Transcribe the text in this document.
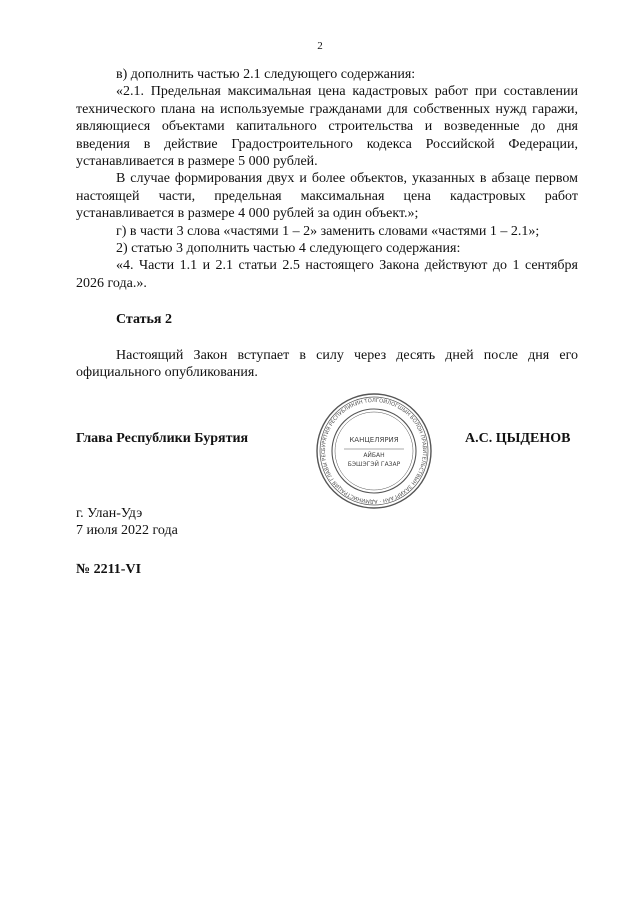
2

в) дополнить частью 2.1 следующего содержания:

«2.1. Предельная максимальная цена кадастровых работ при составлении технического плана на используемые гражданами для собственных нужд гаражи, являющиеся объектами капитального строительства и возведенные до дня введения в действие Градостроительного кодекса Российской Федерации, устанавливается в размере 5 000 рублей.

В случае формирования двух и более объектов, указанных в абзаце первом настоящей части, предельная максимальная цена кадастровых работ устанавливается в размере 4 000 рублей за один объект.»;

г) в части 3 слова «частями 1 – 2» заменить словами «частями 1 – 2.1»;

2) статью 3 дополнить частью 4 следующего содержания:

«4. Части 1.1 и 2.1 статьи 2.5 настоящего Закона действуют до 1 сентября 2026 года.».

Статья 2

Настоящий Закон вступает в силу через десять дней после дня его официального опубликования.

Глава Республики Бурятия
БУРЯТИЯ РЕСПУБЛИКИН ТОЛГОЙЛОГШЫН БОЛОН ПРАВИТЕЛЬСТВЫН ЗАХИРГААН · АДМИНИСТРАЦИЯ ГЛАВЫ РЕС
КАНЦЕЛЯРИЯ
АЙБАН
БЭШЭГЭЙ ГАЗАР
А.С. ЦЫДЕНОВ
г. Улан-Удэ
7 июля 2022 года
№ 2211-VI
